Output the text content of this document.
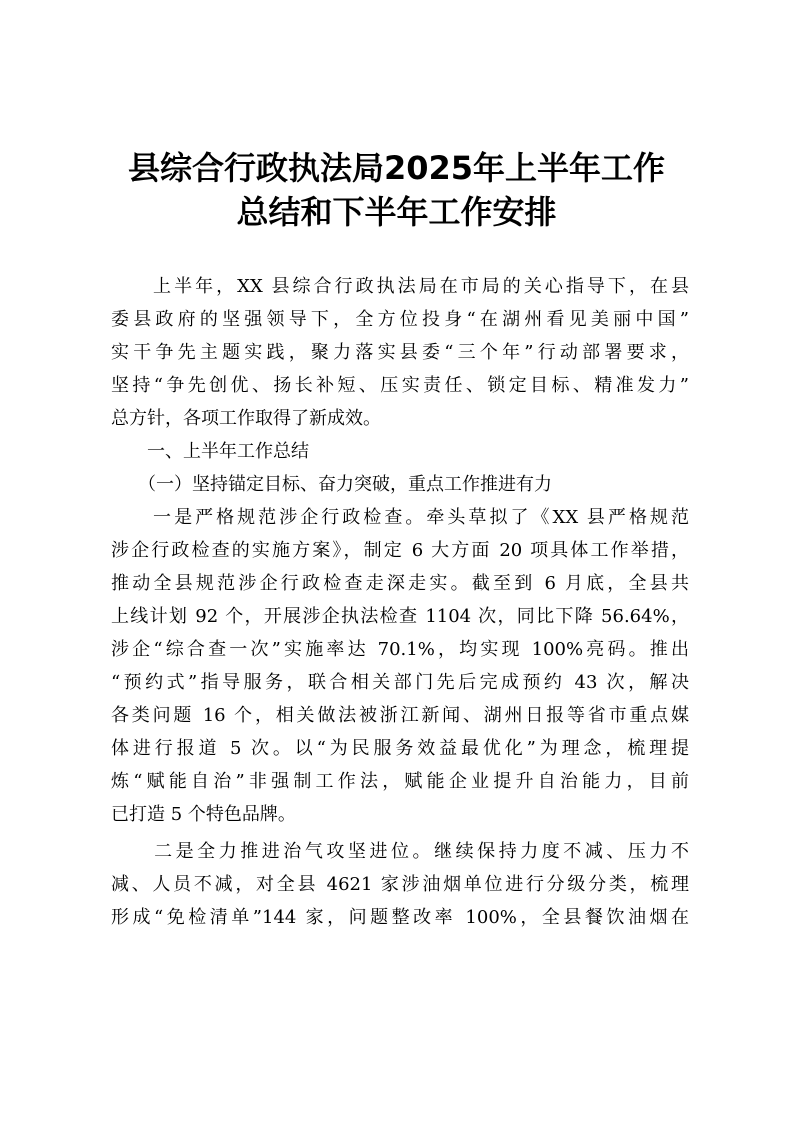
县综合行政执法局2025年上半年工作
总结和下半年工作安排
　　上半年，XX 县综合行政执法局在市局的关心指导下，在县
委县政府的坚强领导下，全方位投身“在湖州看见美丽中国”
实干争先主题实践，聚力落实县委“三个年”行动部署要求，
坚持“争先创优、扬长补短、压实责任、锁定目标、精准发力”
总方针，各项工作取得了新成效。
　　一、上半年工作总结
　　（一）坚持锚定目标、奋力突破，重点工作推进有力
　　一是严格规范涉企行政检查。牵头草拟了《XX 县严格规范
涉企行政检查的实施方案》，制定 6 大方面 20 项具体工作举措，
推动全县规范涉企行政检查走深走实。截至到 6 月底，全县共
上线计划 92 个，开展涉企执法检查 1104 次，同比下降 56.64%，
涉企“综合查一次”实施率达 70.1%，均实现 100%亮码。推出
“预约式”指导服务，联合相关部门先后完成预约 43 次，解决
各类问题 16 个，相关做法被浙江新闻、湖州日报等省市重点媒
体进行报道 5 次。以“为民服务效益最优化”为理念，梳理提
炼“赋能自治”非强制工作法，赋能企业提升自治能力，目前
已打造 5 个特色品牌。
　　二是全力推进治气攻坚进位。继续保持力度不减、压力不
减、人员不减，对全县 4621 家涉油烟单位进行分级分类，梳理
形成“免检清单”144 家，问题整改率 100%，全县餐饮油烟在
